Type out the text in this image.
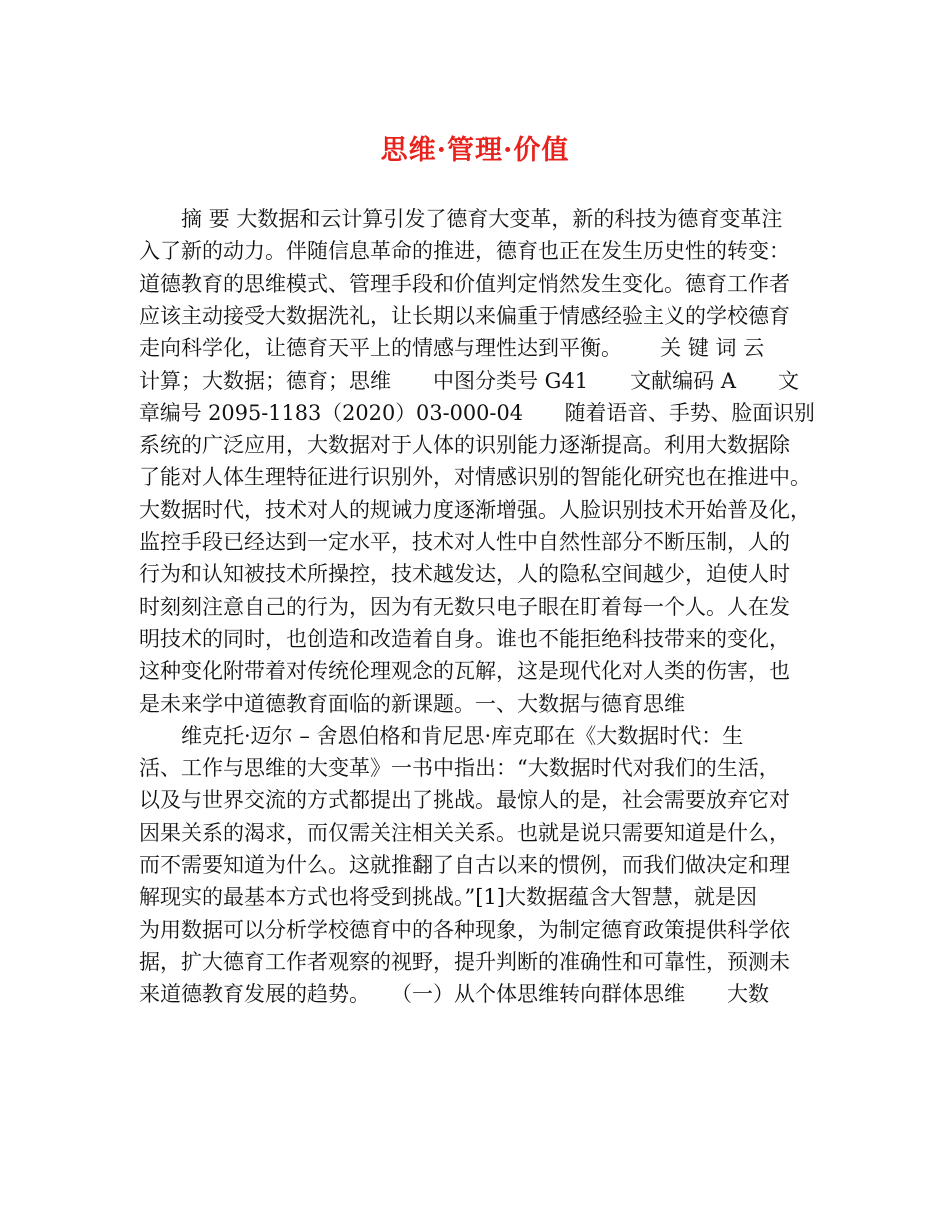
思维·管理·价值
　　摘 要 大数据和云计算引发了德育大变革，新的科技为德育变革注
入了新的动力。伴随信息革命的推进，德育也正在发生历史性的转变：
道德教育的思维模式、管理手段和价值判定悄然发生变化。德育工作者
应该主动接受大数据洗礼，让长期以来偏重于情感经验主义的学校德育
走向科学化，让德育天平上的情感与理性达到平衡。　　 关 键 词 云
计算；大数据；德育；思维　　中图分类号 G41　　文献编码 A　　文
章编号 2095-1183（2020）03-000-04　　随着语音、手势、脸面识别
系统的广泛应用，大数据对于人体的识别能力逐渐提高。利用大数据除
了能对人体生理特征进行识别外，对情感识别的智能化研究也在推进中。
大数据时代，技术对人的规诫力度逐渐增强。人脸识别技术开始普及化，
监控手段已经达到一定水平，技术对人性中自然性部分不断压制，人的
行为和认知被技术所操控，技术越发达，人的隐私空间越少，迫使人时
时刻刻注意自己的行为，因为有无数只电子眼在盯着每一个人。人在发
明技术的同时，也创造和改造着自身。谁也不能拒绝科技带来的变化，
这种变化附带着对传统伦理观念的瓦解，这是现代化对人类的伤害，也
是未来学中道德教育面临的新课题。一、大数据与德育思维
　　维克托·迈尔 – 舍恩伯格和肯尼思·库克耶在《大数据时代：生
活、工作与思维的大变革》一书中指出：“大数据时代对我们的生活，
以及与世界交流的方式都提出了挑战。最惊人的是，社会需要放弃它对
因果关系的渴求，而仅需关注相关关系。也就是说只需要知道是什么，
而不需要知道为什么。这就推翻了自古以来的惯例，而我们做决定和理
解现实的最基本方式也将受到挑战。”[1]大数据蕴含大智慧，就是因
为用数据可以分析学校德育中的各种现象，为制定德育政策提供科学依
据，扩大德育工作者观察的视野，提升判断的准确性和可靠性，预测未
来道德教育发展的趋势。　　（一）从个体思维转向群体思维　　大数
